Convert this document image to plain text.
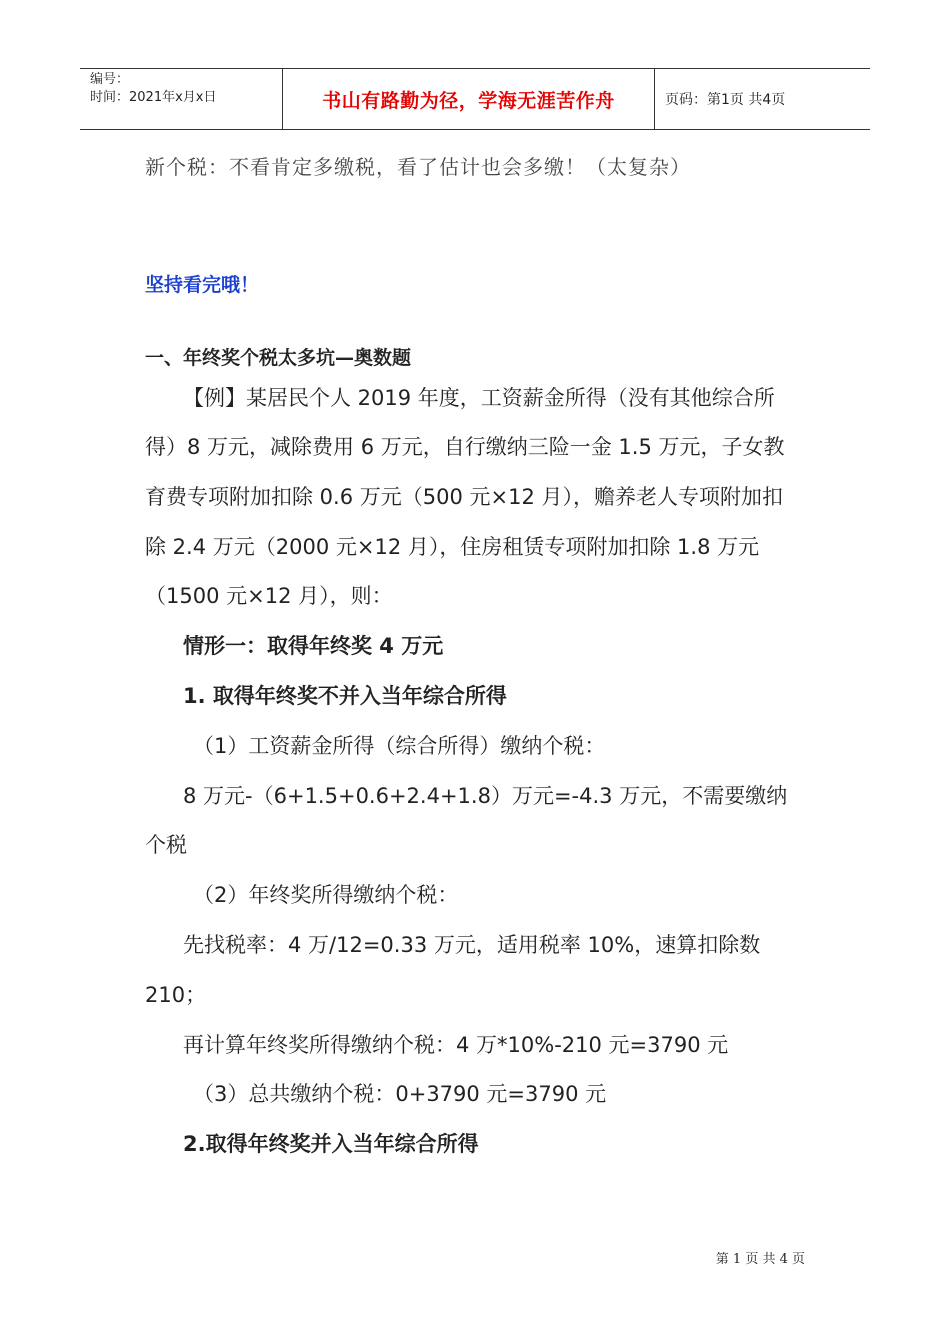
编号：
时间：2021年x月x日	书山有路勤为径，学海无涯苦作舟	页码：第1页 共4页
新个税：不看肯定多缴税，看了估计也会多缴！（太复杂）
坚持看完哦！
一、年终奖个税太多坑—奥数题
【例】某居民个人 2019 年度，工资薪金所得（没有其他综合所
得）8 万元，减除费用 6 万元，自行缴纳三险一金 1.5 万元，子女教
育费专项附加扣除 0.6 万元（500 元×12 月），赡养老人专项附加扣
除 2.4 万元（2000 元×12 月），住房租赁专项附加扣除 1.8 万元
（1500 元×12 月），则：
情形一：取得年终奖 4 万元
1. 取得年终奖不并入当年综合所得
（1）工资薪金所得（综合所得）缴纳个税：
8 万元-（6+1.5+0.6+2.4+1.8）万元=-4.3 万元，不需要缴纳
个税
（2）年终奖所得缴纳个税：
先找税率：4 万/12=0.33 万元，适用税率 10%，速算扣除数
210；
再计算年终奖所得缴纳个税：4 万*10%-210 元=3790 元
（3）总共缴纳个税：0+3790 元=3790 元
2.取得年终奖并入当年综合所得
第 1 页 共 4 页
